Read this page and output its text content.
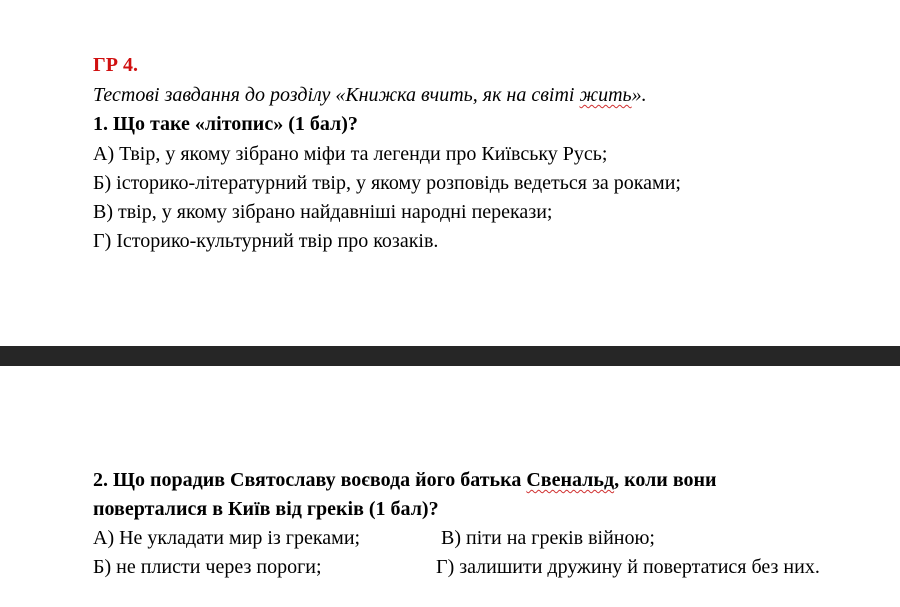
ГР 4.
Тестові завдання до розділу «Книжка вчить, як на світі жить».
1. Що таке «літопис» (1 бал)?
А) Твір, у якому зібрано міфи та легенди про Київську Русь;
Б) історико-літературний твір, у якому розповідь ведеться за роками;
В) твір, у якому зібрано найдавніші народні перекази;
Г) Історико-культурний твір про козаків.
2. Що порадив Святославу воєвода його батька Свенальд, коли вони
поверталися в Київ від греків (1 бал)?
А) Не укладати мир із греками;	В) піти на греків війною;
Б) не плисти через пороги;	Г) залишити дружину й повертатися без них.
